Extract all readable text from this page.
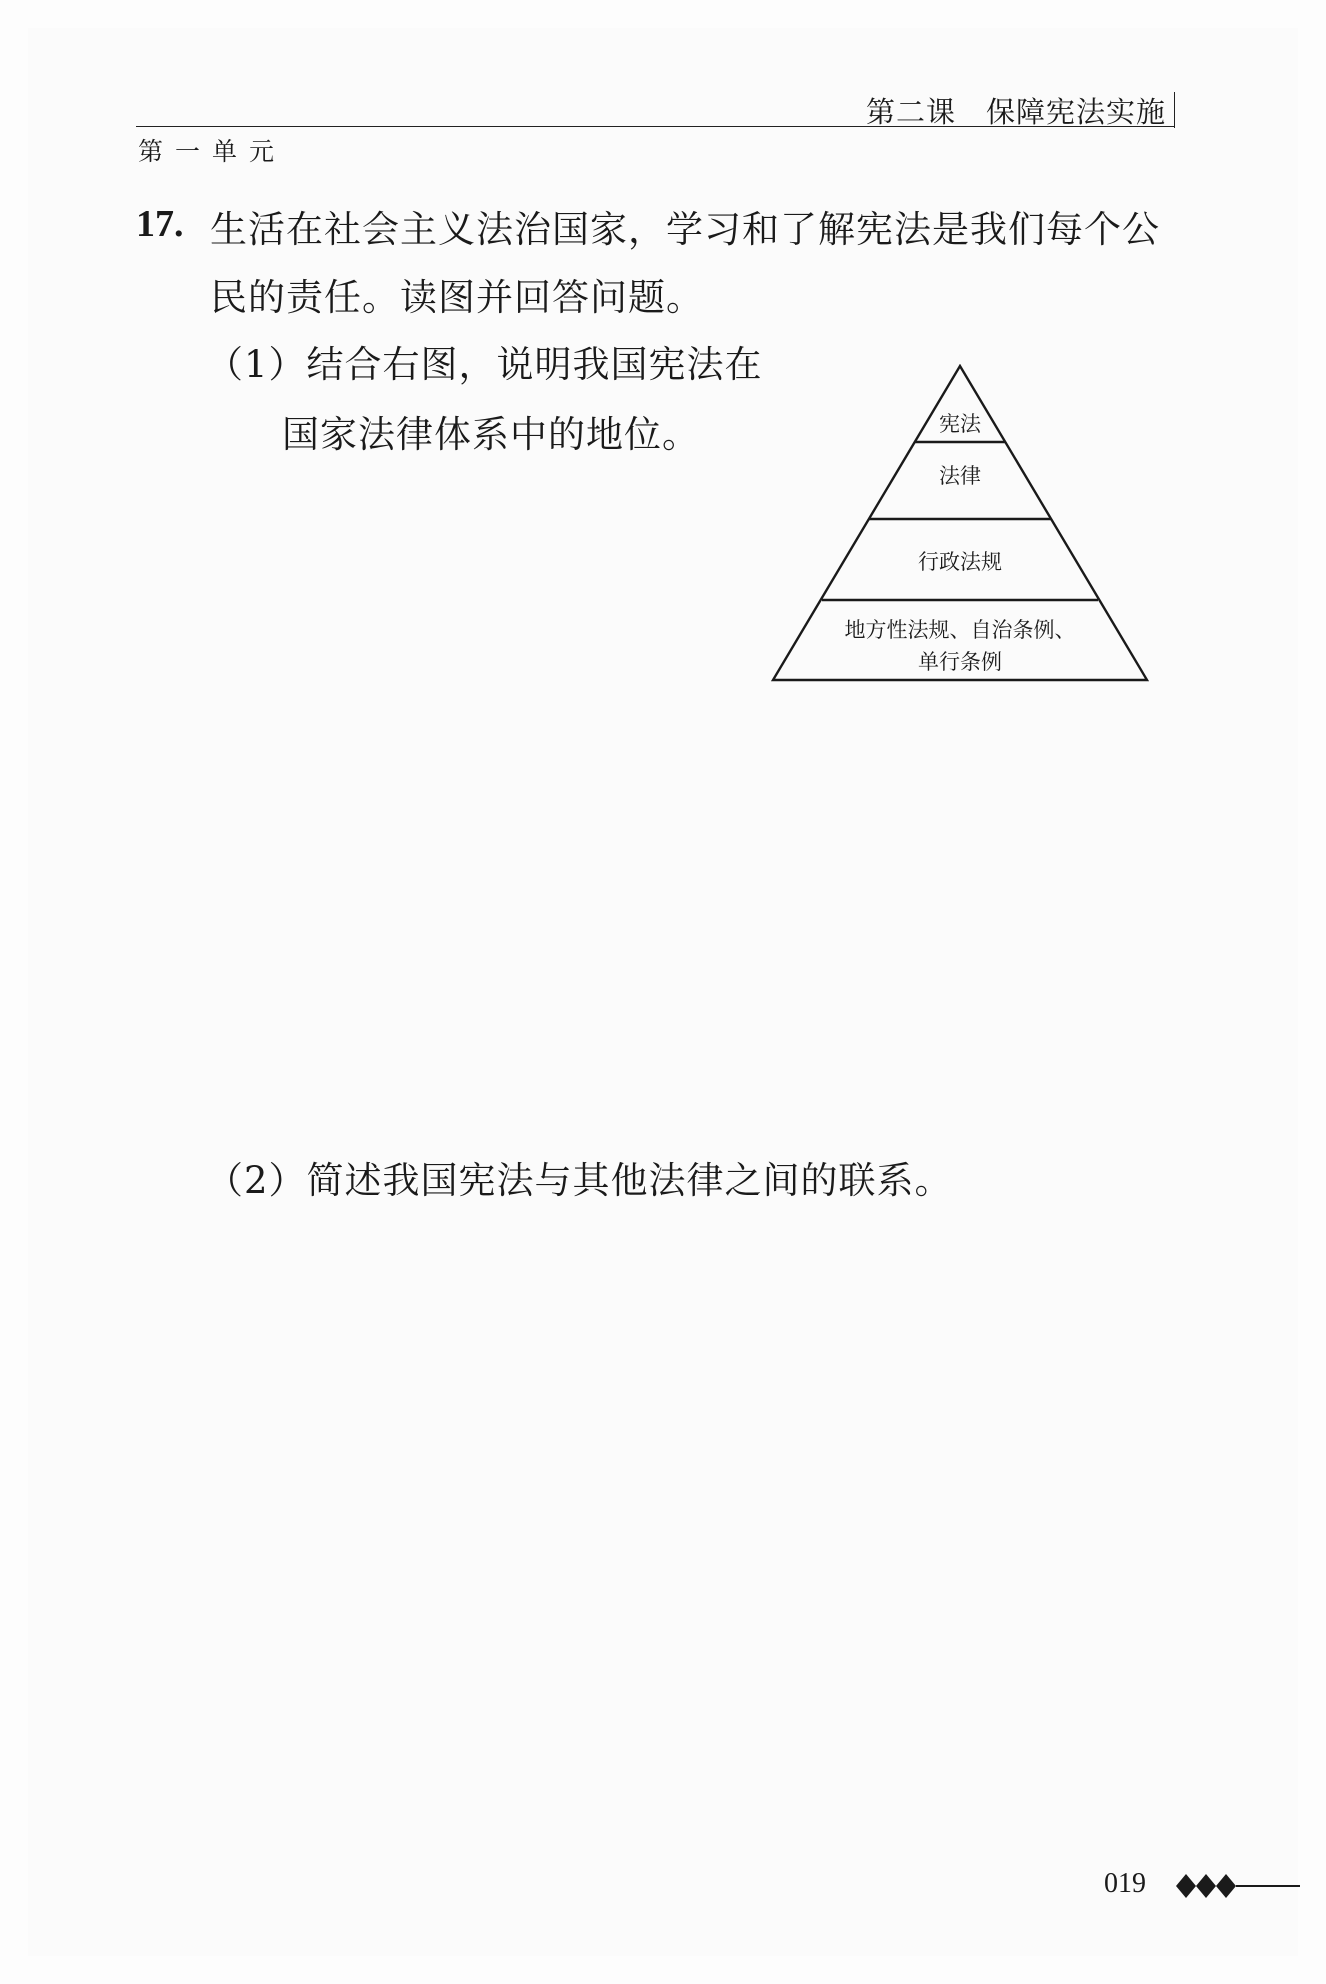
第二课　保障宪法实施
第一单元
17. 生活在社会主义法治国家，学习和了解宪法是我们每个公民的责任。读图并回答问题。
（1）结合右图，说明我国宪法在
国家法律体系中的地位。	宪法
法律
行政法规
地方性法规、自治条例、
单行条例
（2）简述我国宪法与其他法律之间的联系。
019
